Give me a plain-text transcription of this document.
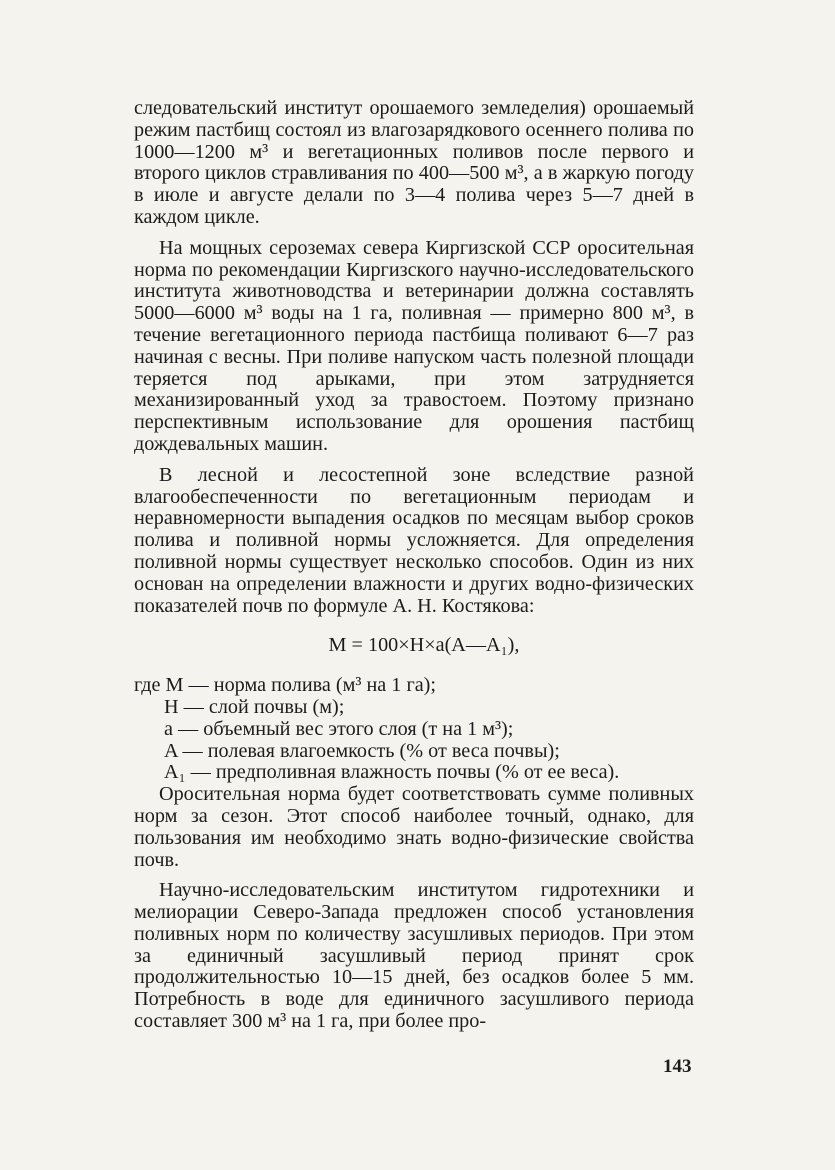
следовательский институт орошаемого земледелия) орошаемый режим пастбищ состоял из влагозарядкового осеннего полива по 1000—1200 м³ и вегетационных поливов после первого и второго циклов стравливания по 400—500 м³, а в жаркую погоду в июле и августе делали по 3—4 полива через 5—7 дней в каждом цикле.

На мощных сероземах севера Киргизской ССР оросительная норма по рекомендации Киргизского научно-исследовательского института животноводства и ветеринарии должна составлять 5000—6000 м³ воды на 1 га, поливная — примерно 800 м³, в течение вегетационного периода пастбища поливают 6—7 раз начиная с весны. При поливе напуском часть полезной площади теряется под арыками, при этом затрудняется механизированный уход за травостоем. Поэтому признано перспективным использование для орошения пастбищ дождевальных машин.

В лесной и лесостепной зоне вследствие разной влагообеспеченности по вегетационным периодам и неравномерности выпадения осадков по месяцам выбор сроков полива и поливной нормы усложняется. Для определения поливной нормы существует несколько способов. Один из них основан на определении влажности и других водно-физических показателей почв по формуле А. Н. Костякова:

M = 100×H×a(A—A₁),
где M — норма полива (м³ на 1 га);
H — слой почвы (м);
a — объемный вес этого слоя (т на 1 м³);
A — полевая влагоемкость (% от веса почвы);
A₁ — предполивная влажность почвы (% от ее веса).

Оросительная норма будет соответствовать сумме поливных норм за сезон. Этот способ наиболее точный, однако, для пользования им необходимо знать водно-физические свойства почв.

Научно-исследовательским институтом гидротехники и мелиорации Северо-Запада предложен способ установления поливных норм по количеству засушливых периодов. При этом за единичный засушливый период принят срок продолжительностью 10—15 дней, без осадков более 5 мм. Потребность в воде для единичного засушливого периода составляет 300 м³ на 1 га, при более про-

143
